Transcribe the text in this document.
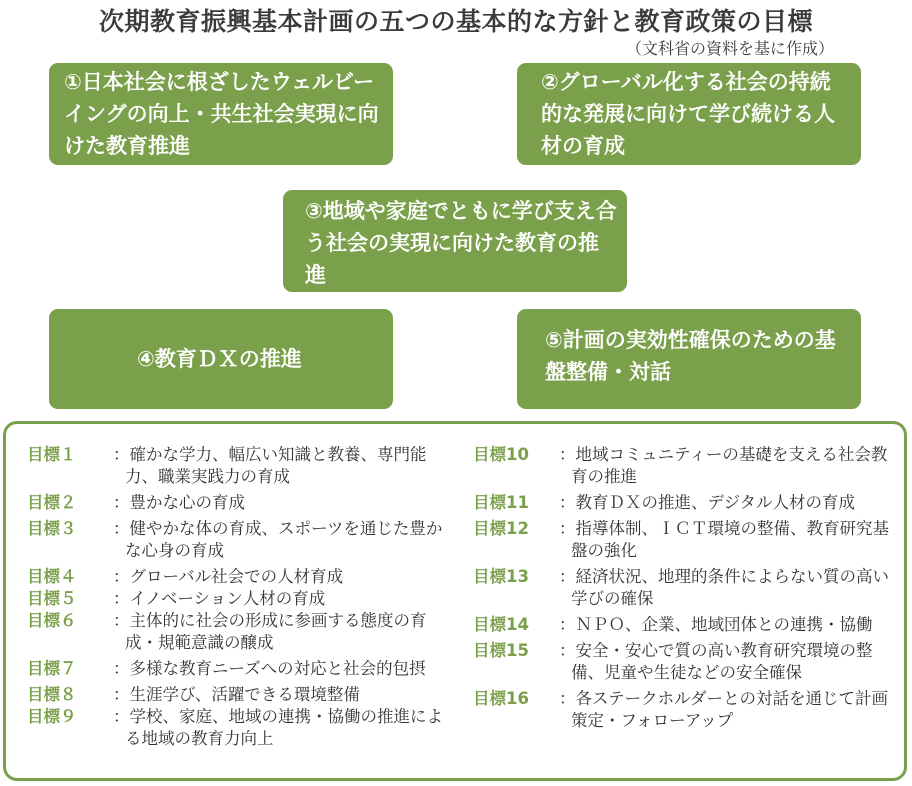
次期教育振興基本計画の五つの基本的な方針と教育政策の目標
（文科省の資料を基に作成）
①日本社会に根ざしたウェルビーイングの向上・共生社会実現に向けた教育推進
②グローバル化する社会の持続的な発展に向けて学び続ける人材の育成
③地域や家庭でともに学び支え合う社会の実現に向けた教育の推進
④教育ＤＸの推進
⑤計画の実効性確保のための基盤整備・対話
目標１	：確かな学力、幅広い知識と教養、専門能力、職業実践力の育成
目標２	：豊かな心の育成
目標３	：健やかな体の育成、スポーツを通じた豊かな心身の育成
目標４	：グローバル社会での人材育成
目標５	：イノベーション人材の育成
目標６	：主体的に社会の形成に参画する態度の育成・規範意識の醸成
目標７	：多様な教育ニーズへの対応と社会的包摂
目標８	：生涯学び、活躍できる環境整備
目標９	：学校、家庭、地域の連携・協働の推進による地域の教育力向上
目標10	：地域コミュニティーの基礎を支える社会教育の推進
目標11	：教育ＤＸの推進、デジタル人材の育成
目標12	：指導体制、ＩＣＴ環境の整備、教育研究基盤の強化
目標13	：経済状況、地理的条件によらない質の高い学びの確保
目標14	：ＮＰＯ、企業、地域団体との連携・協働
目標15	：安全・安心で質の高い教育研究環境の整備、児童や生徒などの安全確保
目標16	：各ステークホルダーとの対話を通じて計画策定・フォローアップ
